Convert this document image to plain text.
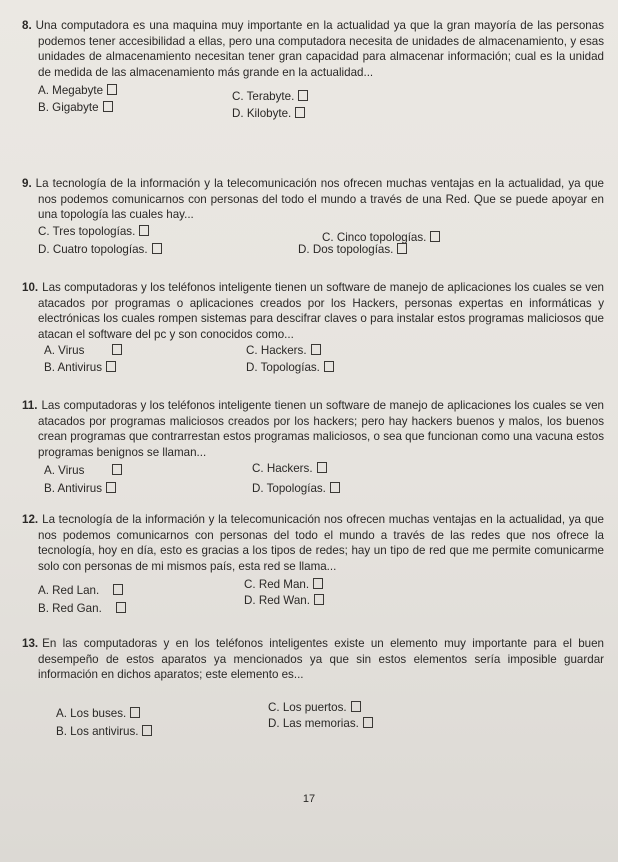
8. Una computadora es una maquina muy importante en la actualidad ya que la gran mayoría de las personas podemos tener accesibilidad a ellas, pero una computadora necesita de unidades de almacenamiento, y esas unidades de almacenamiento necesitan tener gran capacidad para almacenar información; cual es la unidad de medida de las almacenamiento más grande en la actualidad...

A. Megabyte
B. Gigabyte
C. Terabyte.
D. Kilobyte.

9. La tecnología de la información y la telecomunicación nos ofrecen muchas ventajas en la actualidad, ya que nos podemos comunicarnos con personas del todo el mundo a través de una Red. Que se puede apoyar en una topología las cuales hay...

C. Tres topologías.
D. Cuatro topologías.
C. Cinco topologías.
D. Dos topologías.

10. Las computadoras y los teléfonos inteligente tienen un software de manejo de aplicaciones los cuales se ven atacados por programas o aplicaciones creados por los Hackers, personas expertas en informáticas y electrónicas los cuales rompen sistemas para descifrar claves o para instalar estos programas maliciosos que atacan el software del pc y son conocidos como...

A. Virus
B. Antivirus
C. Hackers.
D. Topologías.

11. Las computadoras y los teléfonos inteligente tienen un software de manejo de aplicaciones los cuales se ven atacados por programas maliciosos creados por los hackers; pero hay hackers buenos y malos, los buenos crean programas que contrarrestan estos programas maliciosos, o sea que funcionan como una vacuna estos programas benignos se llaman...

A. Virus
B. Antivirus
C. Hackers.
D. Topologías.

12. La tecnología de la información y la telecomunicación nos ofrecen muchas ventajas en la actualidad, ya que nos podemos comunicarnos con personas del todo el mundo a través de las redes que nos ofrece la tecnología, hoy en día, esto es gracias a los tipos de redes; hay un tipo de red que me permite comunicarme solo con personas de mi mismos país, esta red se llama...

A. Red Lan.
B. Red Gan.
C. Red Man.
D. Red Wan.

13. En las computadoras y en los teléfonos inteligentes existe un elemento muy importante para el buen desempeño de estos aparatos ya mencionados ya que sin estos elementos sería imposible guardar información en dichos aparatos; este elemento es...

A. Los buses.
B. Los antivirus.
C. Los puertos.
D. Las memorias.
17
